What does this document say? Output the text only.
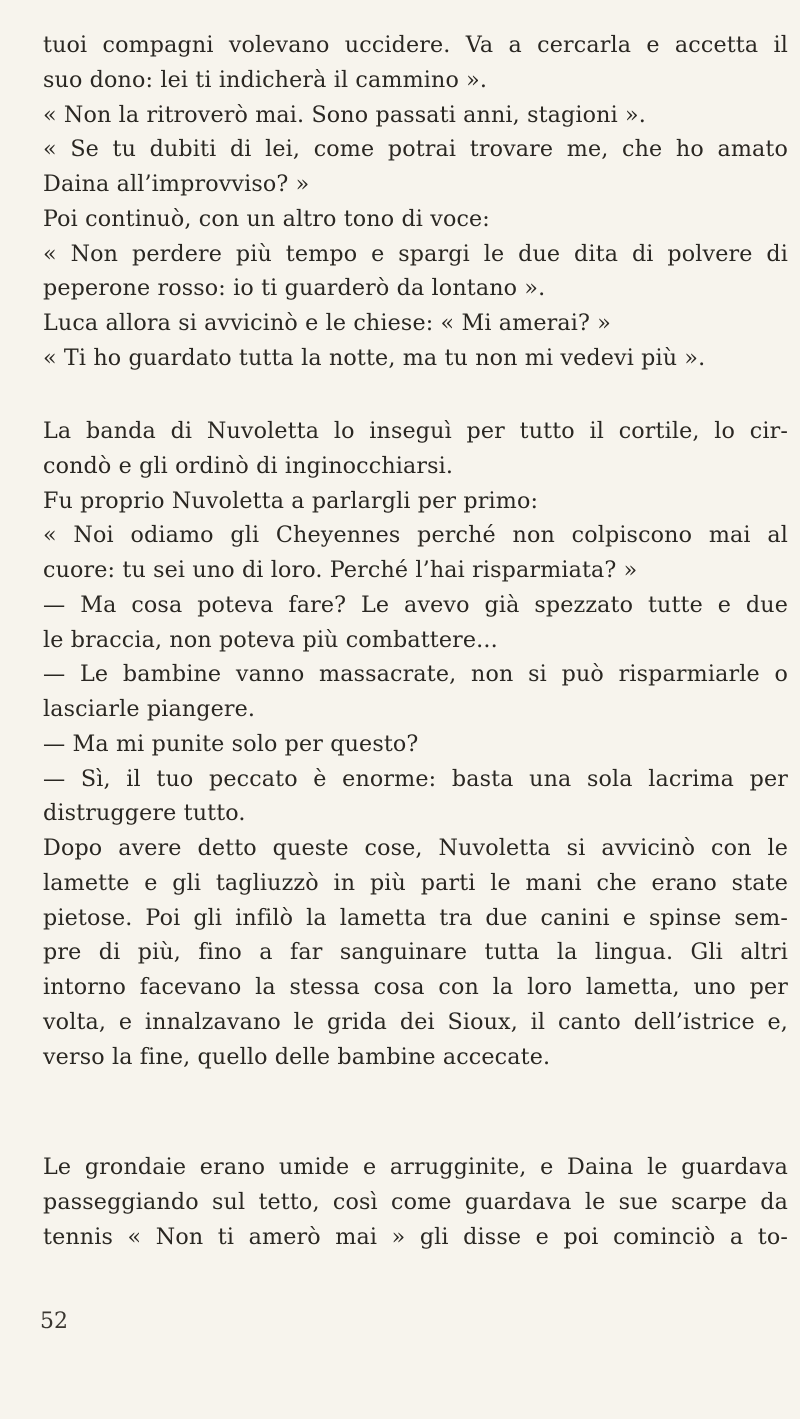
tuoi compagni volevano uccidere. Va a cercarla e accetta il
suo dono: lei ti indicherà il cammino ».
« Non la ritroverò mai. Sono passati anni, stagioni ».
« Se tu dubiti di lei, come potrai trovare me, che ho amato
Daina all’improvviso? »
Poi continuò, con un altro tono di voce:
« Non perdere più tempo e spargi le due dita di polvere di
peperone rosso: io ti guarderò da lontano ».
Luca allora si avvicinò e le chiese: « Mi amerai? »
« Ti ho guardato tutta la notte, ma tu non mi vedevi più ».
La banda di Nuvoletta lo inseguì per tutto il cortile, lo cir-
condò e gli ordinò di inginocchiarsi.
Fu proprio Nuvoletta a parlargli per primo:
« Noi odiamo gli Cheyennes perché non colpiscono mai al
cuore: tu sei uno di loro. Perché l’hai risparmiata? »
— Ma cosa poteva fare? Le avevo già spezzato tutte e due
le braccia, non poteva più combattere...
— Le bambine vanno massacrate, non si può risparmiarle o
lasciarle piangere.
— Ma mi punite solo per questo?
— Sì, il tuo peccato è enorme: basta una sola lacrima per
distruggere tutto.
Dopo avere detto queste cose, Nuvoletta si avvicinò con le
lamette e gli tagliuzzò in più parti le mani che erano state
pietose. Poi gli infilò la lametta tra due canini e spinse sem-
pre di più, fino a far sanguinare tutta la lingua. Gli altri
intorno facevano la stessa cosa con la loro lametta, uno per
volta, e innalzavano le grida dei Sioux, il canto dell’istrice e,
verso la fine, quello delle bambine accecate.
Le grondaie erano umide e arrugginite, e Daina le guardava
passeggiando sul tetto, così come guardava le sue scarpe da
tennis « Non ti amerò mai » gli disse e poi cominciò a to-
52
